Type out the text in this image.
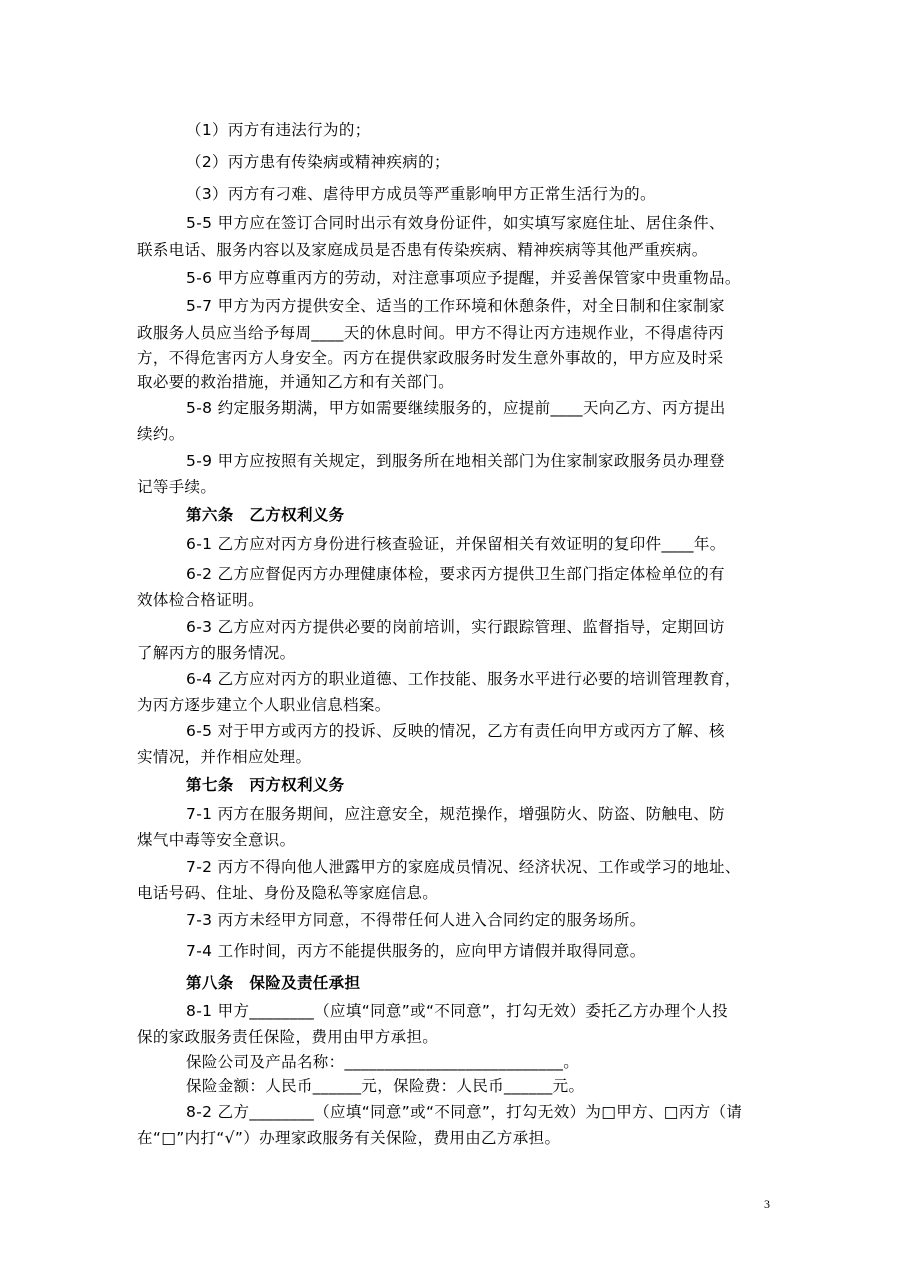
（1）丙方有违法行为的；
（2）丙方患有传染病或精神疾病的；
（3）丙方有刁难、虐待甲方成员等严重影响甲方正常生活行为的。
5-5 甲方应在签订合同时出示有效身份证件，如实填写家庭住址、居住条件、
联系电话、服务内容以及家庭成员是否患有传染疾病、精神疾病等其他严重疾病。
5-6 甲方应尊重丙方的劳动，对注意事项应予提醒，并妥善保管家中贵重物品。
5-7 甲方为丙方提供安全、适当的工作环境和休憩条件，对全日制和住家制家
政服务人员应当给予每周____天的休息时间。甲方不得让丙方违规作业，不得虐待丙
方，不得危害丙方人身安全。丙方在提供家政服务时发生意外事故的，甲方应及时采
取必要的救治措施，并通知乙方和有关部门。
5-8 约定服务期满，甲方如需要继续服务的，应提前____天向乙方、丙方提出
续约。
5-9 甲方应按照有关规定，到服务所在地相关部门为住家制家政服务员办理登
记等手续。
第六条　乙方权利义务
6-1 乙方应对丙方身份进行核查验证，并保留相关有效证明的复印件____年。
6-2 乙方应督促丙方办理健康体检，要求丙方提供卫生部门指定体检单位的有
效体检合格证明。
6-3 乙方应对丙方提供必要的岗前培训，实行跟踪管理、监督指导，定期回访
了解丙方的服务情况。
6-4 乙方应对丙方的职业道德、工作技能、服务水平进行必要的培训管理教育，
为丙方逐步建立个人职业信息档案。
6-5 对于甲方或丙方的投诉、反映的情况，乙方有责任向甲方或丙方了解、核
实情况，并作相应处理。
第七条　丙方权利义务
7-1 丙方在服务期间，应注意安全，规范操作，增强防火、防盗、防触电、防
煤气中毒等安全意识。
7-2 丙方不得向他人泄露甲方的家庭成员情况、经济状况、工作或学习的地址、
电话号码、住址、身份及隐私等家庭信息。
7-3 丙方未经甲方同意，不得带任何人进入合同约定的服务场所。
7-4 工作时间，丙方不能提供服务的，应向甲方请假并取得同意。
第八条　保险及责任承担
8-1 甲方________（应填“同意”或“不同意”，打勾无效）委托乙方办理个人投
保的家政服务责任保险，费用由甲方承担。
保险公司及产品名称：___________________________。
保险金额：人民币______元，保险费：人民币______元。
8-2 乙方________（应填“同意”或“不同意”，打勾无效）为□甲方、□丙方（请
在“□”内打“√”）办理家政服务有关保险，费用由乙方承担。
3
